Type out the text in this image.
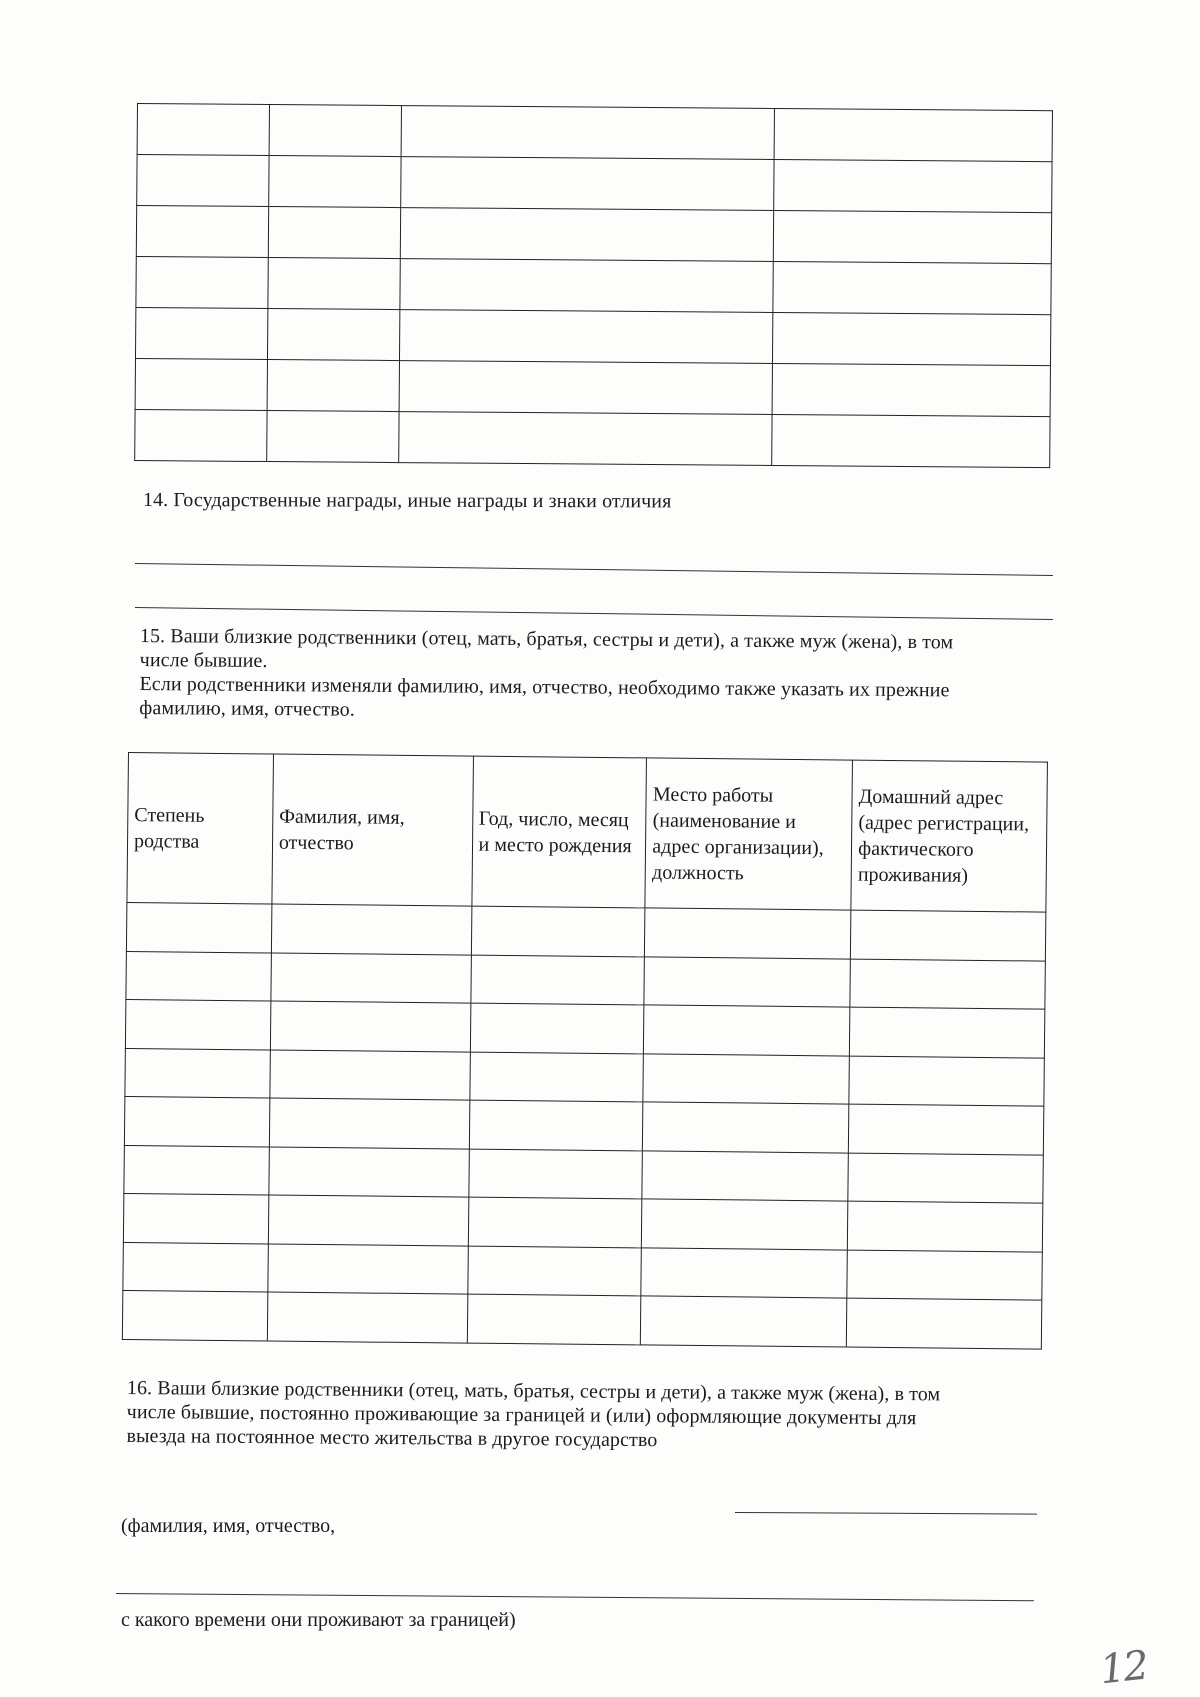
14. Государственные награды, иные награды и знаки отличия

15. Ваши близкие родственники (отец, мать, братья, сестры и дети), а также муж (жена), в том
числе бывшие.
Если родственники изменяли фамилию, имя, отчество, необходимо также указать их прежние
фамилию, имя, отчество.
Степень родства	Фамилия, имя, отчество	Год, число, месяц и место рождения	Место работы (наименование и адрес организации), должность	Домашний адрес (адрес регистрации, фактического проживания)

16. Ваши близкие родственники (отец, мать, братья, сестры и дети), а также муж (жена), в том
числе бывшие, постоянно проживающие за границей и (или) оформляющие документы для
выезда на постоянное место жительства в другое государство

(фамилия, имя, отчество,

с какого времени они проживают за границей)

12
